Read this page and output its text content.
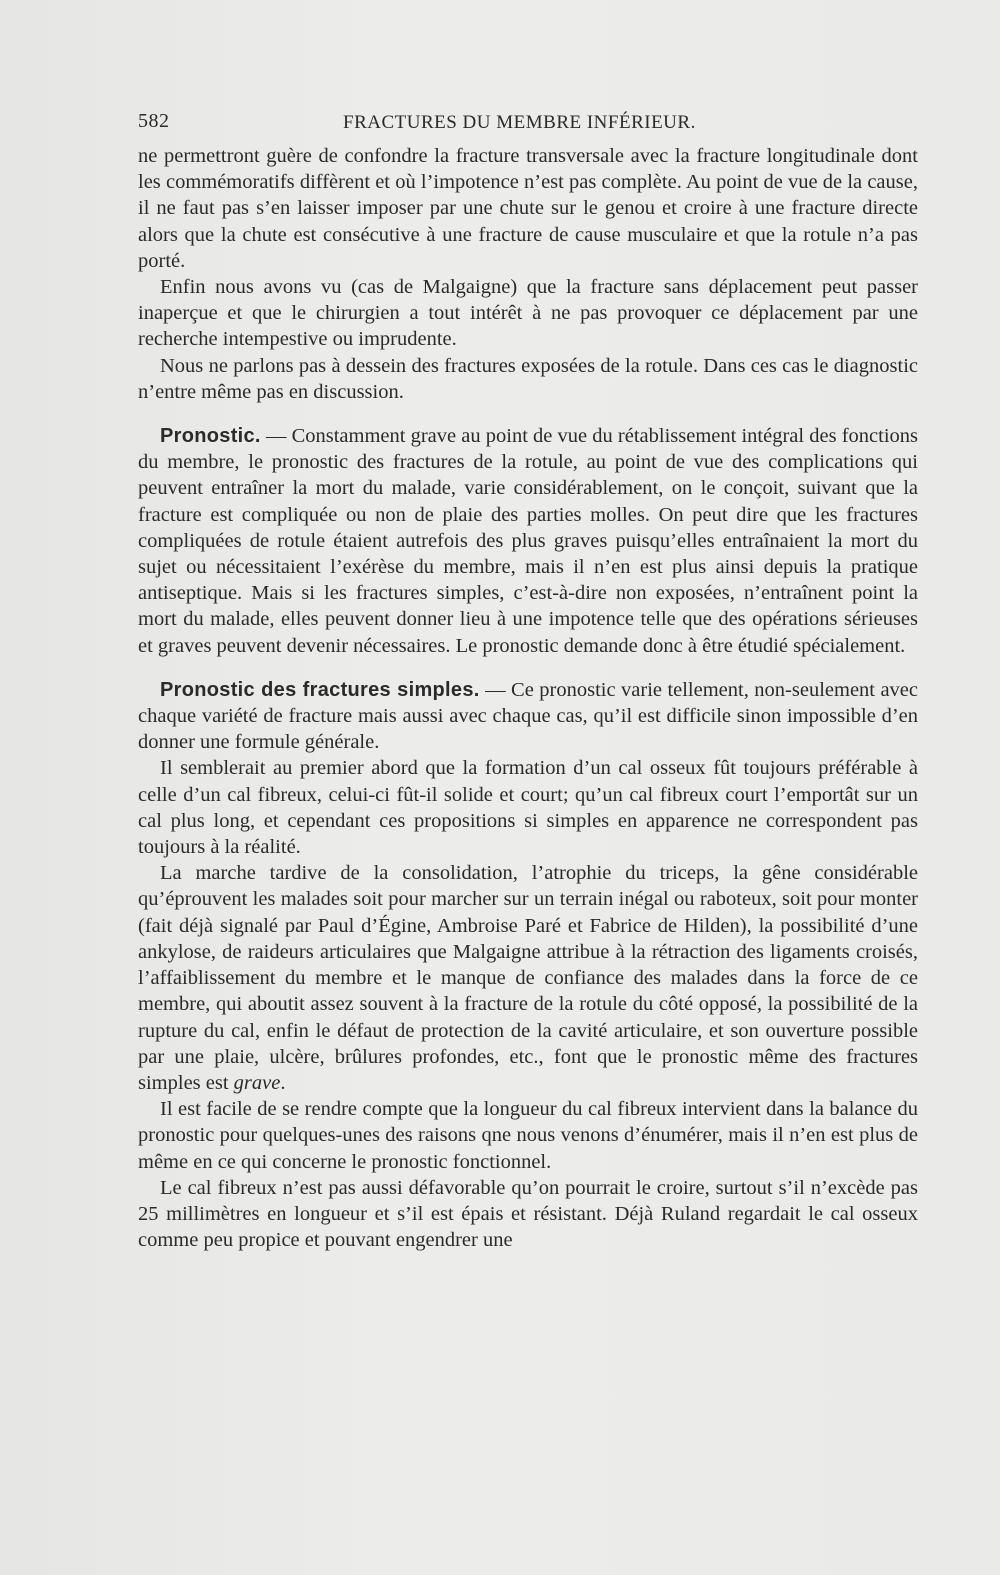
582	FRACTURES DU MEMBRE INFÉRIEUR.

ne permettront guère de confondre la fracture transversale avec la fracture longitudinale dont les commémoratifs diffèrent et où l’impotence n’est pas complète. Au point de vue de la cause, il ne faut pas s’en laisser imposer par une chute sur le genou et croire à une fracture directe alors que la chute est consécutive à une fracture de cause musculaire et que la rotule n’a pas porté.

Enfin nous avons vu (cas de Malgaigne) que la fracture sans déplacement peut passer inaperçue et que le chirurgien a tout intérêt à ne pas provoquer ce déplacement par une recherche intempestive ou imprudente.

Nous ne parlons pas à dessein des fractures exposées de la rotule. Dans ces cas le diagnostic n’entre même pas en discussion.

Pronostic. — Constamment grave au point de vue du rétablissement intégral des fonctions du membre, le pronostic des fractures de la rotule, au point de vue des complications qui peuvent entraîner la mort du malade, varie considérablement, on le conçoit, suivant que la fracture est compliquée ou non de plaie des parties molles. On peut dire que les fractures compliquées de rotule étaient autrefois des plus graves puisqu’elles entraînaient la mort du sujet ou nécessitaient l’exérèse du membre, mais il n’en est plus ainsi depuis la pratique antiseptique. Mais si les fractures simples, c’est-à-dire non exposées, n’entraînent point la mort du malade, elles peuvent donner lieu à une impotence telle que des opérations sérieuses et graves peuvent devenir nécessaires. Le pronostic demande donc à être étudié spécialement.

Pronostic des fractures simples. — Ce pronostic varie tellement, non-seulement avec chaque variété de fracture mais aussi avec chaque cas, qu’il est difficile sinon impossible d’en donner une formule générale.

Il semblerait au premier abord que la formation d’un cal osseux fût toujours préférable à celle d’un cal fibreux, celui-ci fût-il solide et court; qu’un cal fibreux court l’emportât sur un cal plus long, et cependant ces propositions si simples en apparence ne correspondent pas toujours à la réalité.

La marche tardive de la consolidation, l’atrophie du triceps, la gêne considérable qu’éprouvent les malades soit pour marcher sur un terrain inégal ou raboteux, soit pour monter (fait déjà signalé par Paul d’Égine, Ambroise Paré et Fabrice de Hilden), la possibilité d’une ankylose, de raideurs articulaires que Malgaigne attribue à la rétraction des ligaments croisés, l’affaiblissement du membre et le manque de confiance des malades dans la force de ce membre, qui aboutit assez souvent à la fracture de la rotule du côté opposé, la possibilité de la rupture du cal, enfin le défaut de protection de la cavité articulaire, et son ouverture possible par une plaie, ulcère, brûlures profondes, etc., font que le pronostic même des fractures simples est grave.

Il est facile de se rendre compte que la longueur du cal fibreux intervient dans la balance du pronostic pour quelques-unes des raisons qne nous venons d’énumérer, mais il n’en est plus de même en ce qui concerne le pronostic fonctionnel.

Le cal fibreux n’est pas aussi défavorable qu’on pourrait le croire, surtout s’il n’excède pas 25 millimètres en longueur et s’il est épais et résistant. Déjà Ruland regardait le cal osseux comme peu propice et pouvant engendrer une
